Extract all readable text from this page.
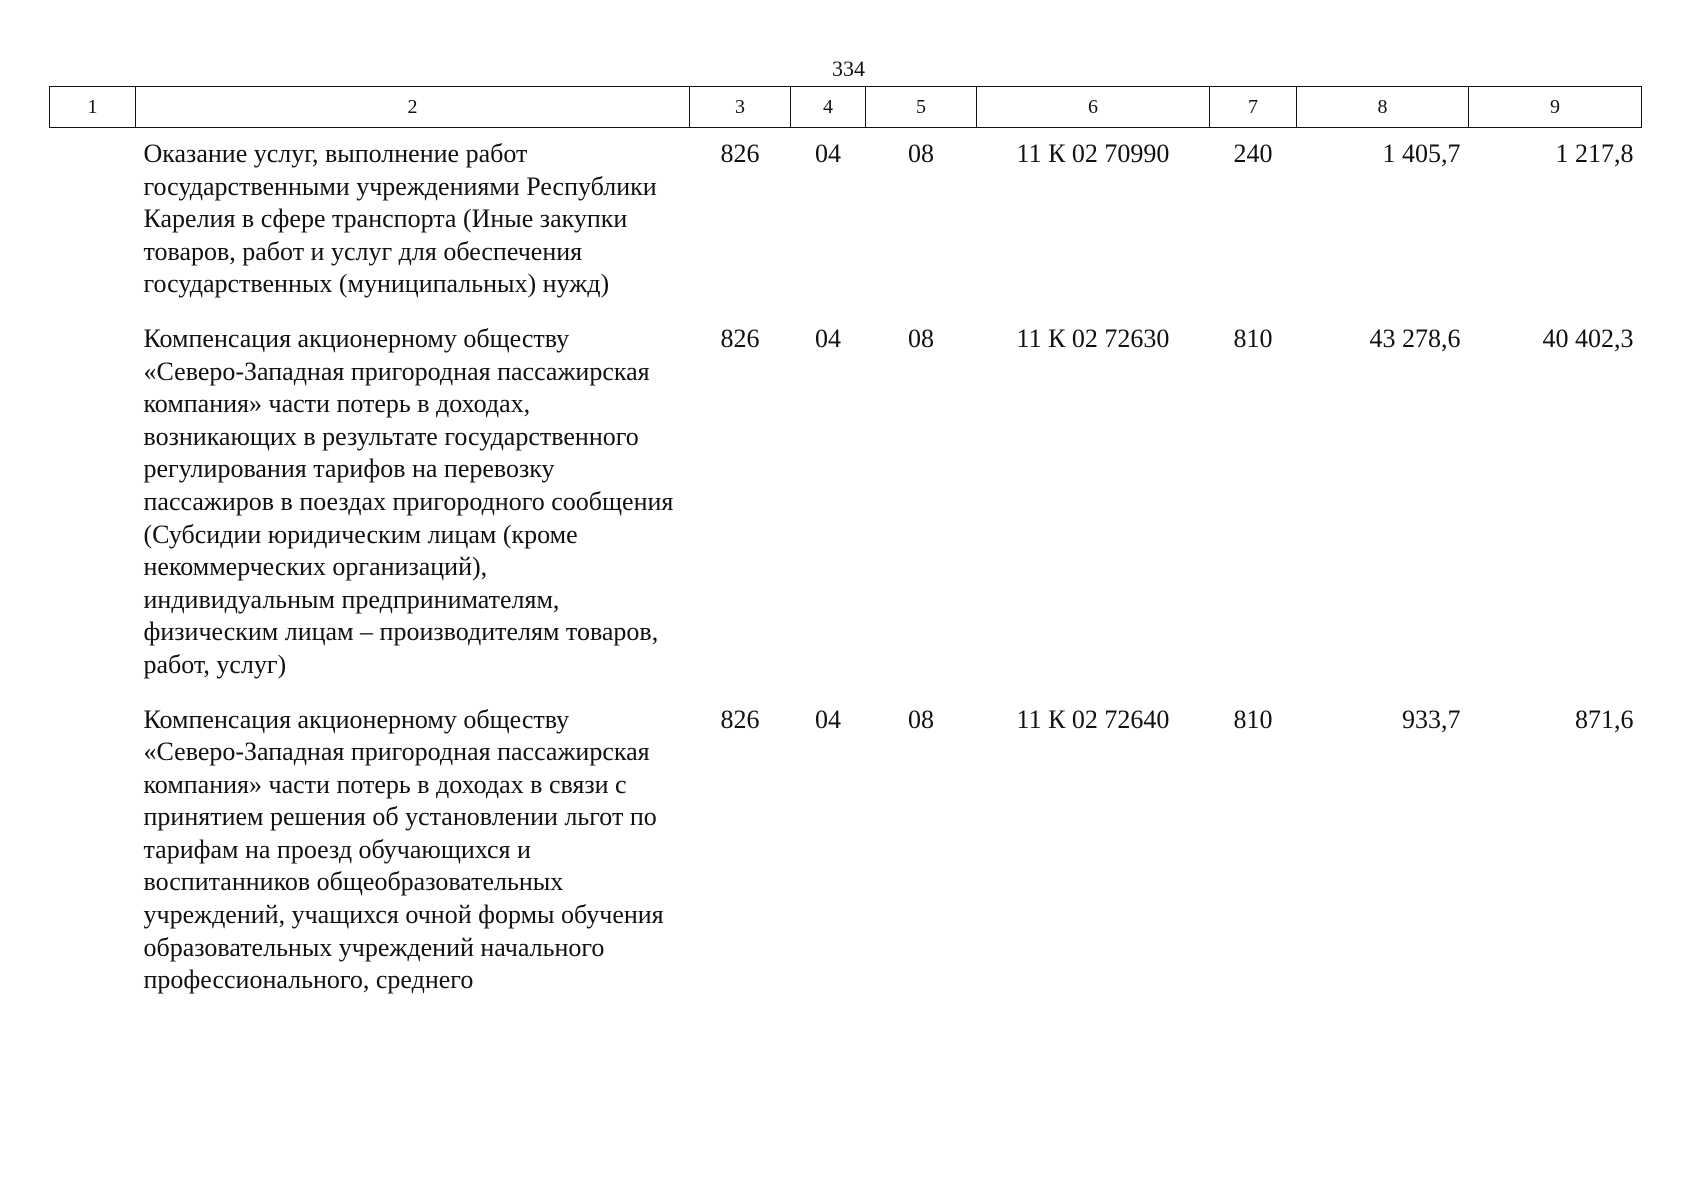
334
1	2	3	4	5	6	7	8	9
	Оказание услуг, выполнение работ государственными учреждениями Республики Карелия в сфере транспорта (Иные закупки товаров, работ и услуг для обеспечения государственных (муниципальных) нужд)	826	04	08	11 К 02 70990	240	1 405,7	1 217,8
	Компенсация акционерному обществу «Северо-Западная пригородная пассажирская компания» части потерь в доходах, возникающих в результате государственного регулирования тарифов на перевозку пассажиров в поездах пригородного сообщения (Субсидии юридическим лицам (кроме некоммерческих организаций), индивидуальным предпринимателям, физическим лицам – производителям товаров, работ, услуг)	826	04	08	11 К 02 72630	810	43 278,6	40 402,3
	Компенсация акционерному обществу «Северо-Западная пригородная пассажирская компания» части потерь в доходах в связи с принятием решения об установлении льгот по тарифам на проезд обучающихся и воспитанников общеобразовательных учреждений, учащихся очной формы обучения образовательных учреждений начального профессионального, среднего	826	04	08	11 К 02 72640	810	933,7	871,6
